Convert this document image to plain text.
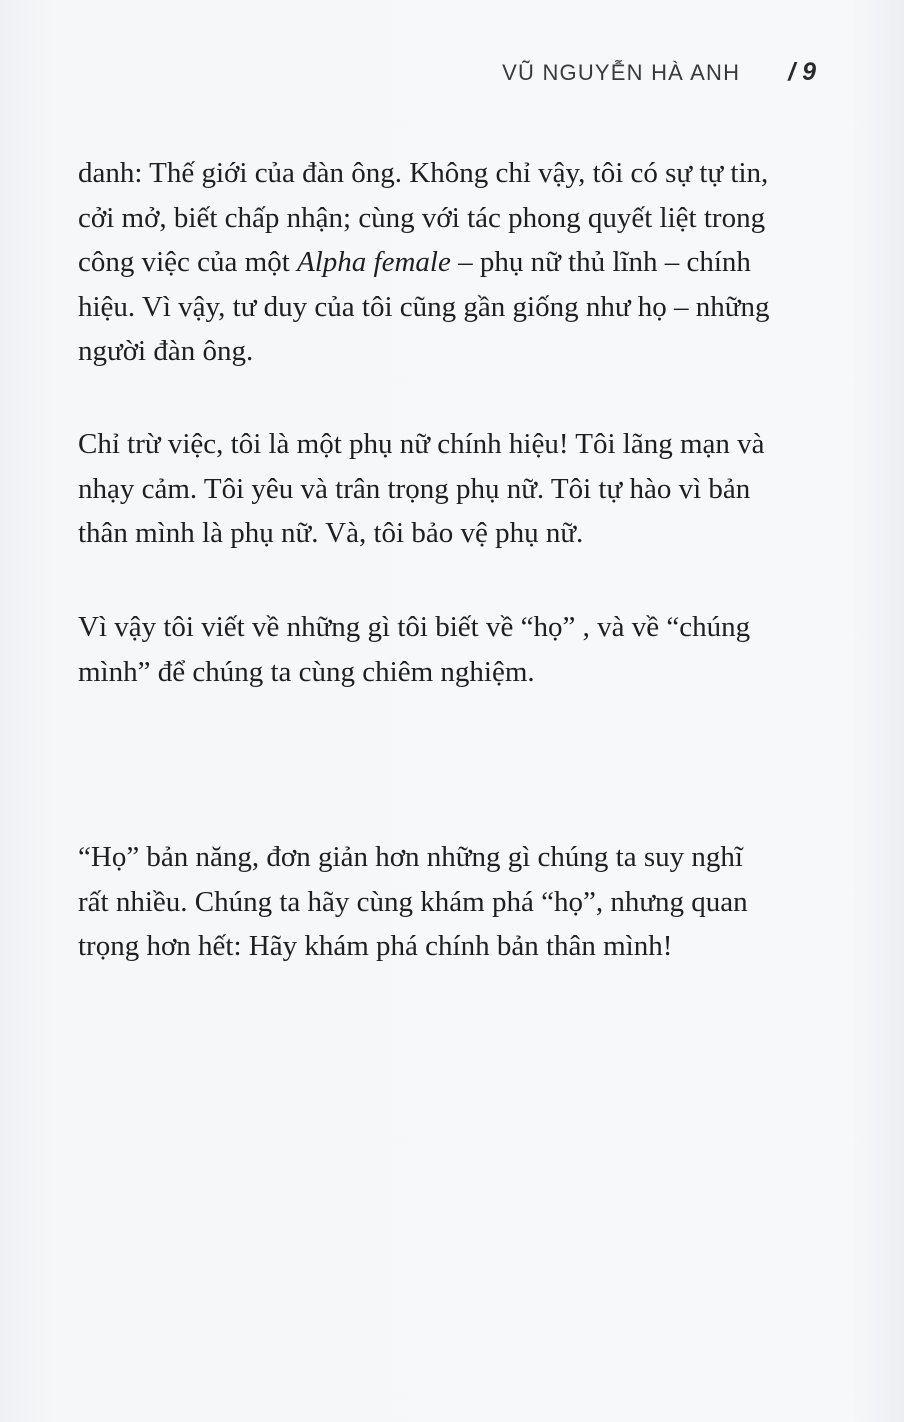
VŨ NGUYỄN HÀ ANH / 9

danh: Thế giới của đàn ông. Không chỉ vậy, tôi có sự tự tin,
cởi mở, biết chấp nhận; cùng với tác phong quyết liệt trong
công việc của một Alpha female – phụ nữ thủ lĩnh – chính
hiệu. Vì vậy, tư duy của tôi cũng gần giống như họ – những
người đàn ông.

Chỉ trừ việc, tôi là một phụ nữ chính hiệu! Tôi lãng mạn và
nhạy cảm. Tôi yêu và trân trọng phụ nữ. Tôi tự hào vì bản
thân mình là phụ nữ. Và, tôi bảo vệ phụ nữ.

Vì vậy tôi viết về những gì tôi biết về “họ” , và về “chúng
mình” để chúng ta cùng chiêm nghiệm.

“Họ” bản năng, đơn giản hơn những gì chúng ta suy nghĩ
rất nhiều. Chúng ta hãy cùng khám phá “họ”, nhưng quan
trọng hơn hết: Hãy khám phá chính bản thân mình!
